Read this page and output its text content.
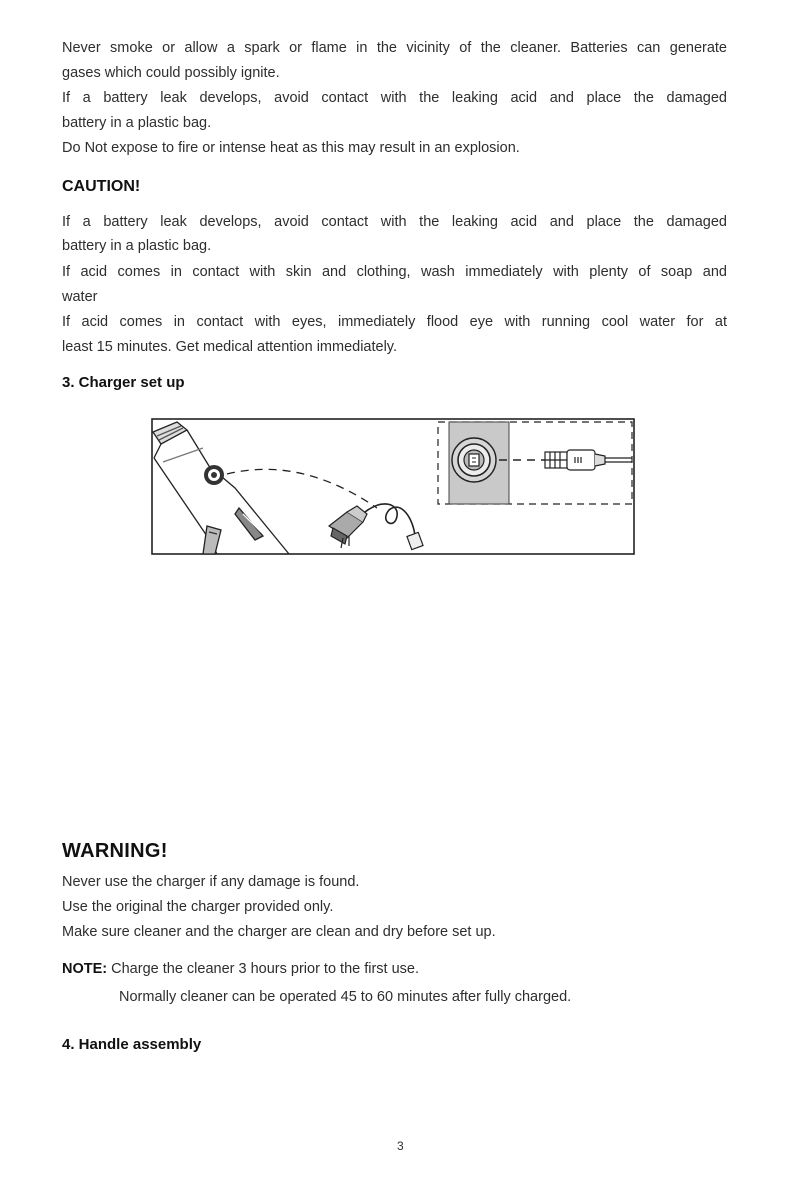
Never smoke or allow a spark or flame in the vicinity of the cleaner. Batteries can generate
gases which could possibly ignite.
If a battery leak develops, avoid contact with the leaking acid and place the damaged
battery in a plastic bag.
Do Not expose to fire or intense heat as this may result in an explosion.
CAUTION!
If a battery leak develops, avoid contact with the leaking acid and place the damaged
battery in a plastic bag.
If acid comes in contact with skin and clothing, wash immediately with plenty of soap and
water
If acid comes in contact with eyes, immediately flood eye with running cool water for at
least 15 minutes. Get medical attention immediately.
3. Charger set up
WARNING!
Never use the charger if any damage is found.
Use the original the charger provided only.
Make sure cleaner and the charger are clean and dry before set up.
NOTE: Charge the cleaner 3 hours prior to the first use.
Normally cleaner can be operated 45 to 60 minutes after fully charged.
4. Handle assembly
3
